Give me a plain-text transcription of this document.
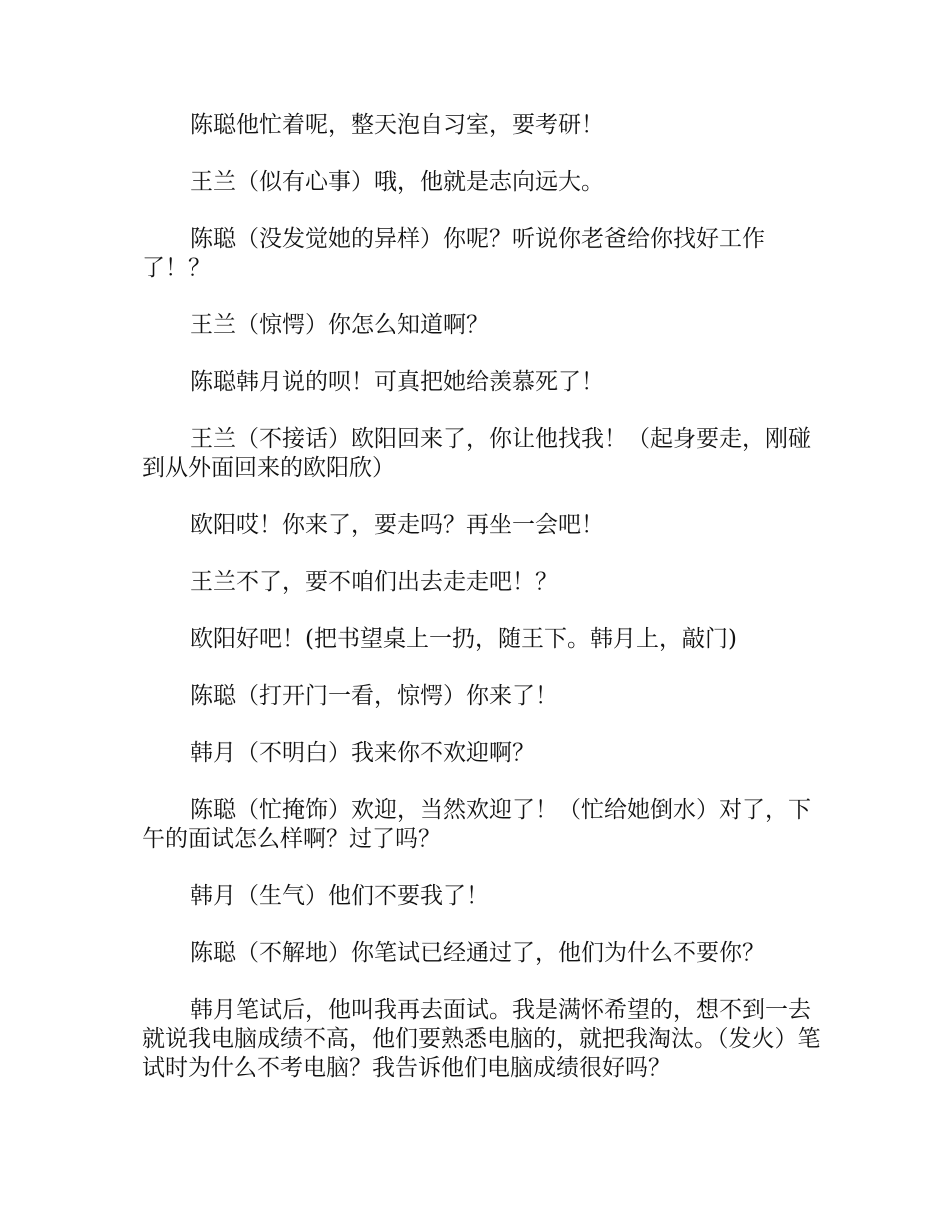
陈聪他忙着呢，整天泡自习室，要考研！

王兰（似有心事）哦，他就是志向远大。

陈聪（没发觉她的异样）你呢？听说你老爸给你找好工作了！？

王兰（惊愕）你怎么知道啊？

陈聪韩月说的呗！可真把她给羡慕死了！

王兰（不接话）欧阳回来了，你让他找我！（起身要走，刚碰到从外面回来的欧阳欣）

欧阳哎！你来了，要走吗？再坐一会吧！

王兰不了，要不咱们出去走走吧！？

欧阳好吧！(把书望桌上一扔，随王下。韩月上，敲门)

陈聪（打开门一看，惊愕）你来了！

韩月（不明白）我来你不欢迎啊？

陈聪（忙掩饰）欢迎，当然欢迎了！（忙给她倒水）对了，下午的面试怎么样啊？过了吗？

韩月（生气）他们不要我了！

陈聪（不解地）你笔试已经通过了，他们为什么不要你？

韩月笔试后，他叫我再去面试。我是满怀希望的，想不到一去就说我电脑成绩不高，他们要熟悉电脑的，就把我淘汰。（发火）笔试时为什么不考电脑？我告诉他们电脑成绩很好吗？
